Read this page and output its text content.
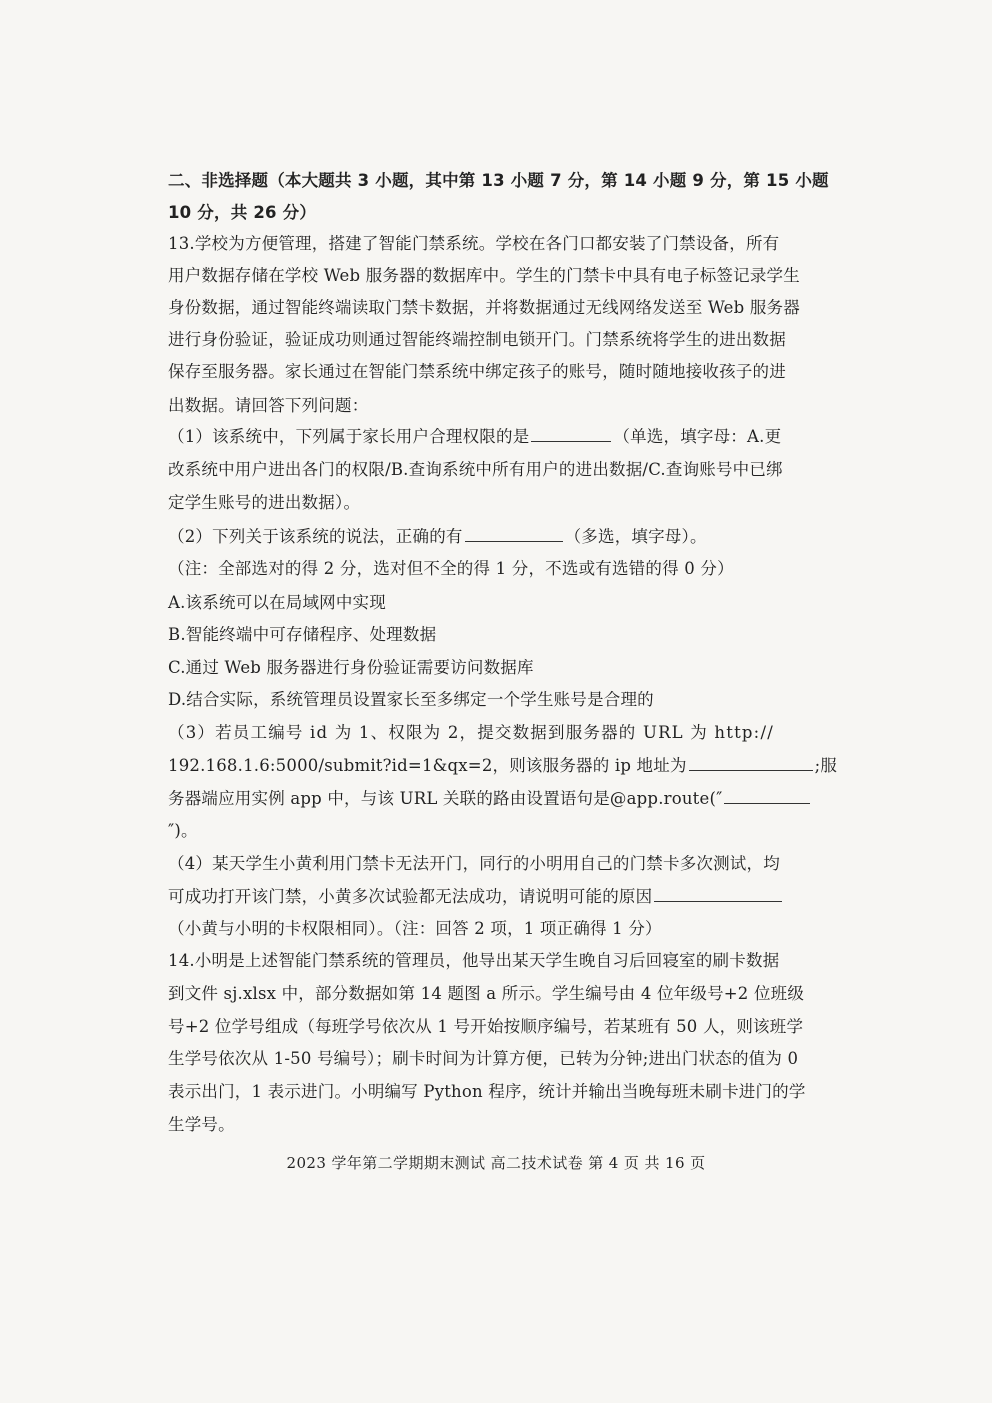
二、非选择题（本大题共 3 小题，其中第 13 小题 7 分，第 14 小题 9 分，第 15 小题
10 分，共 26 分）
13.学校为方便管理，搭建了智能门禁系统。学校在各门口都安装了门禁设备，所有
用户数据存储在学校 Web 服务器的数据库中。学生的门禁卡中具有电子标签记录学生
身份数据，通过智能终端读取门禁卡数据，并将数据通过无线网络发送至 Web 服务器
进行身份验证，验证成功则通过智能终端控制电锁开门。门禁系统将学生的进出数据
保存至服务器。家长通过在智能门禁系统中绑定孩子的账号，随时随地接收孩子的进
出数据。请回答下列问题：
（1）该系统中，下列属于家长用户合理权限的是	（单选，填字母：A.更
改系统中用户进出各门的权限/B.查询系统中所有用户的进出数据/C.查询账号中已绑
定学生账号的进出数据）。
（2）下列关于该系统的说法，正确的有	（多选，填字母）。
（注：全部选对的得 2 分，选对但不全的得 1 分，不选或有选错的得 0 分）
A.该系统可以在局域网中实现
B.智能终端中可存储程序、处理数据
C.通过 Web 服务器进行身份验证需要访问数据库
D.结合实际，系统管理员设置家长至多绑定一个学生账号是合理的
（3）若员工编号 id 为 1、权限为 2，提交数据到服务器的 URL 为 http://
192.168.1.6:5000/submit?id=1&qx=2，则该服务器的 ip 地址为	;服
务器端应用实例 app 中，与该 URL 关联的路由设置语句是@app.route(″
″)。
（4）某天学生小黄利用门禁卡无法开门，同行的小明用自己的门禁卡多次测试，均
可成功打开该门禁，小黄多次试验都无法成功，请说明可能的原因
（小黄与小明的卡权限相同）。（注：回答 2 项，1 项正确得 1 分）
14.小明是上述智能门禁系统的管理员，他导出某天学生晚自习后回寝室的刷卡数据
到文件 sj.xlsx 中，部分数据如第 14 题图 a 所示。学生编号由 4 位年级号+2 位班级
号+2 位学号组成（每班学号依次从 1 号开始按顺序编号，若某班有 50 人，则该班学
生学号依次从 1-50 号编号）；刷卡时间为计算方便，已转为分钟;进出门状态的值为 0
表示出门，1 表示进门。小明编写 Python 程序，统计并输出当晚每班未刷卡进门的学
生学号。
2023 学年第二学期期末测试 高二技术试卷 第 4 页 共 16 页
